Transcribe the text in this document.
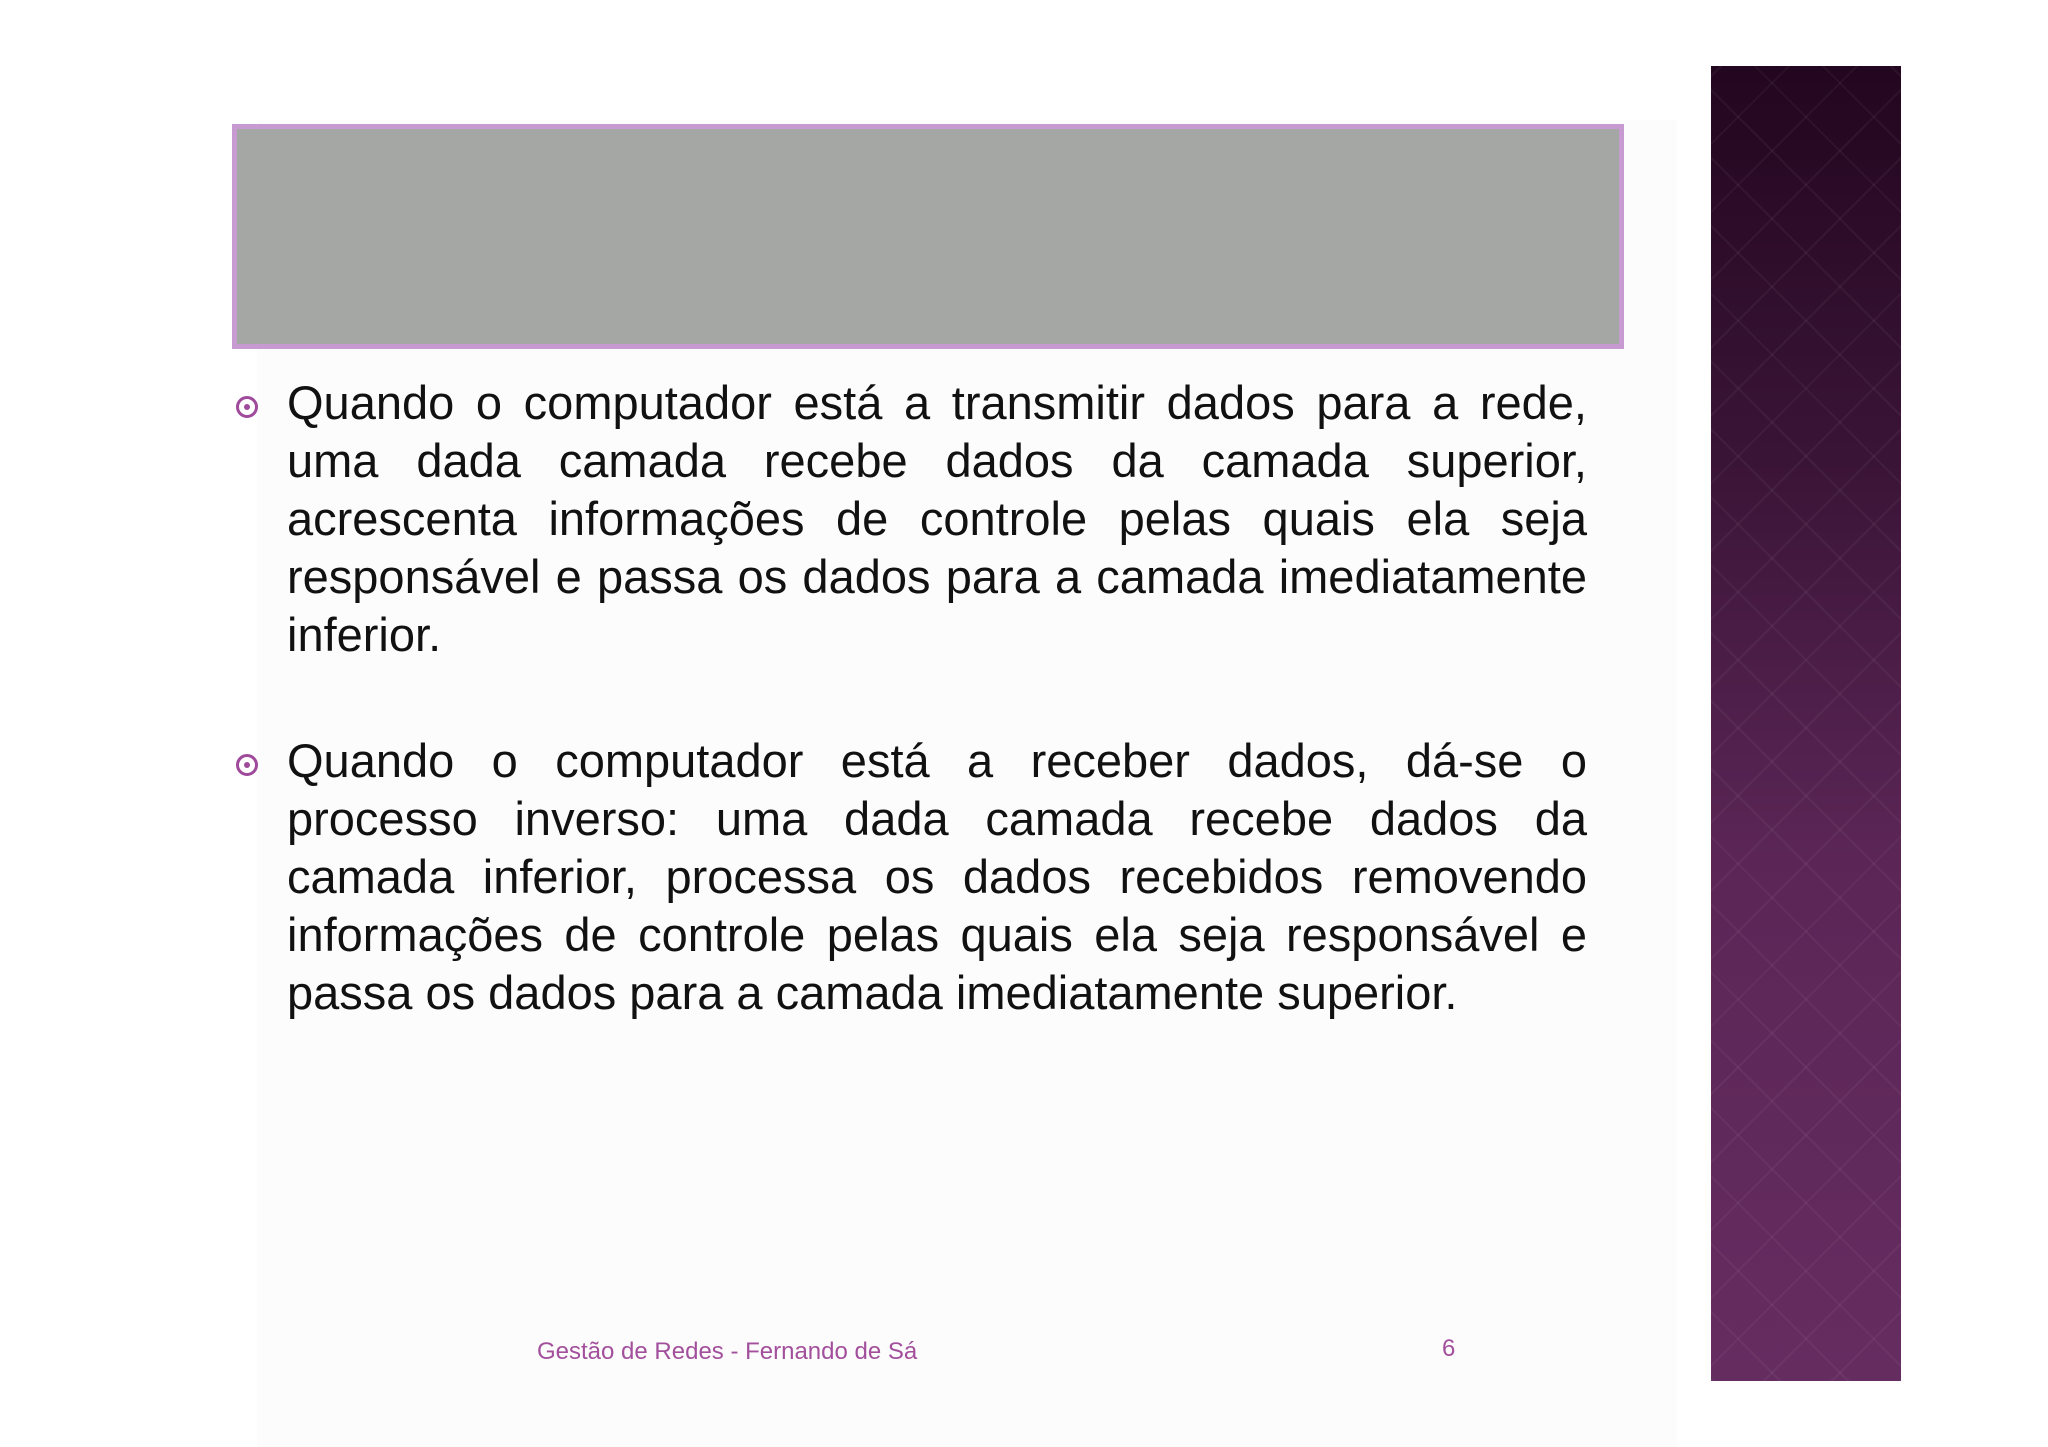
Quando o computador está a transmitir dados para a rede, uma dada camada recebe dados da camada superior, acrescenta informações de controle pelas quais ela seja responsável e passa os dados para a camada imediatamente inferior.
Quando o computador está a receber dados, dá-se o processo inverso: uma dada camada recebe dados da camada inferior, processa os dados recebidos removendo informações de controle pelas quais ela seja responsável e passa os dados para a camada imediatamente superior.
Gestão de Redes - Fernando de Sá	6
